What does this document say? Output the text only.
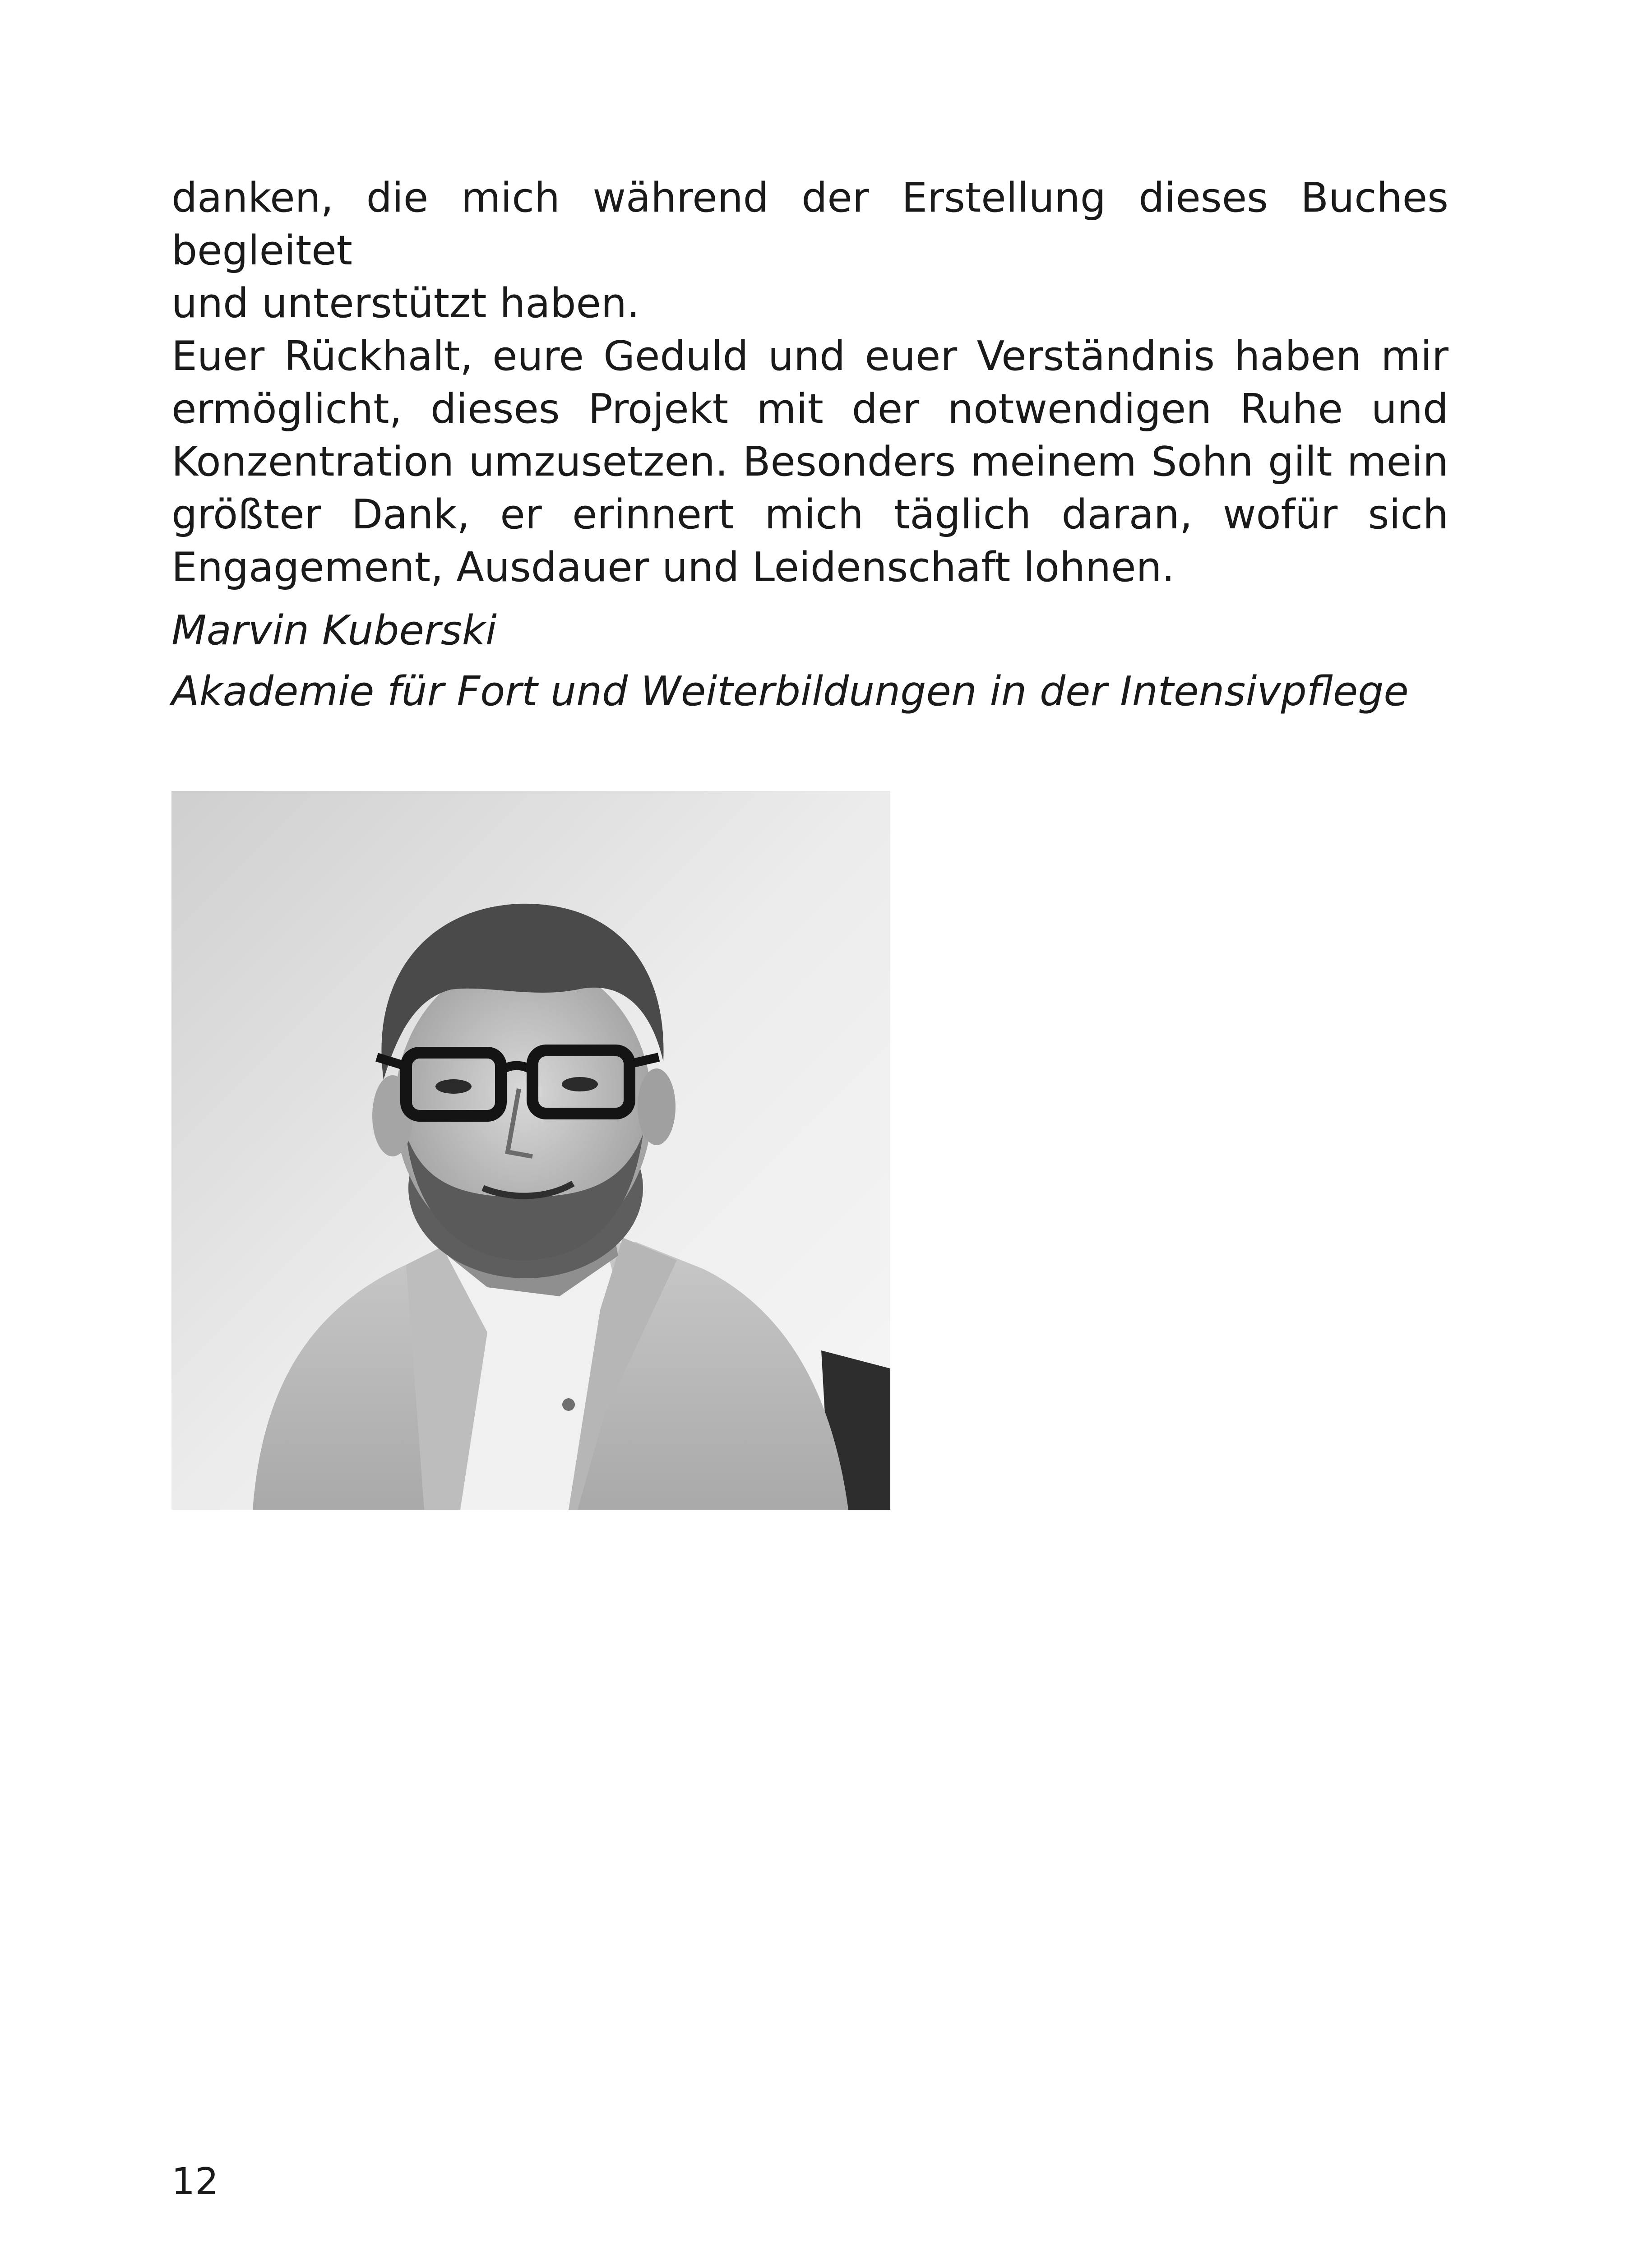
danken, die mich während der Erstellung dieses Buches begleitet
und unterstützt haben.
Euer Rückhalt, eure Geduld und euer Verständnis haben mir
ermöglicht, dieses Projekt mit der notwendigen Ruhe und
Konzentration umzusetzen. Besonders meinem Sohn gilt mein
größter Dank, er erinnert mich täglich daran, wofür sich
Engagement, Ausdauer und Leidenschaft lohnen.
Marvin Kuberski
Akademie für Fort und Weiterbildungen in der Intensivpflege
12
